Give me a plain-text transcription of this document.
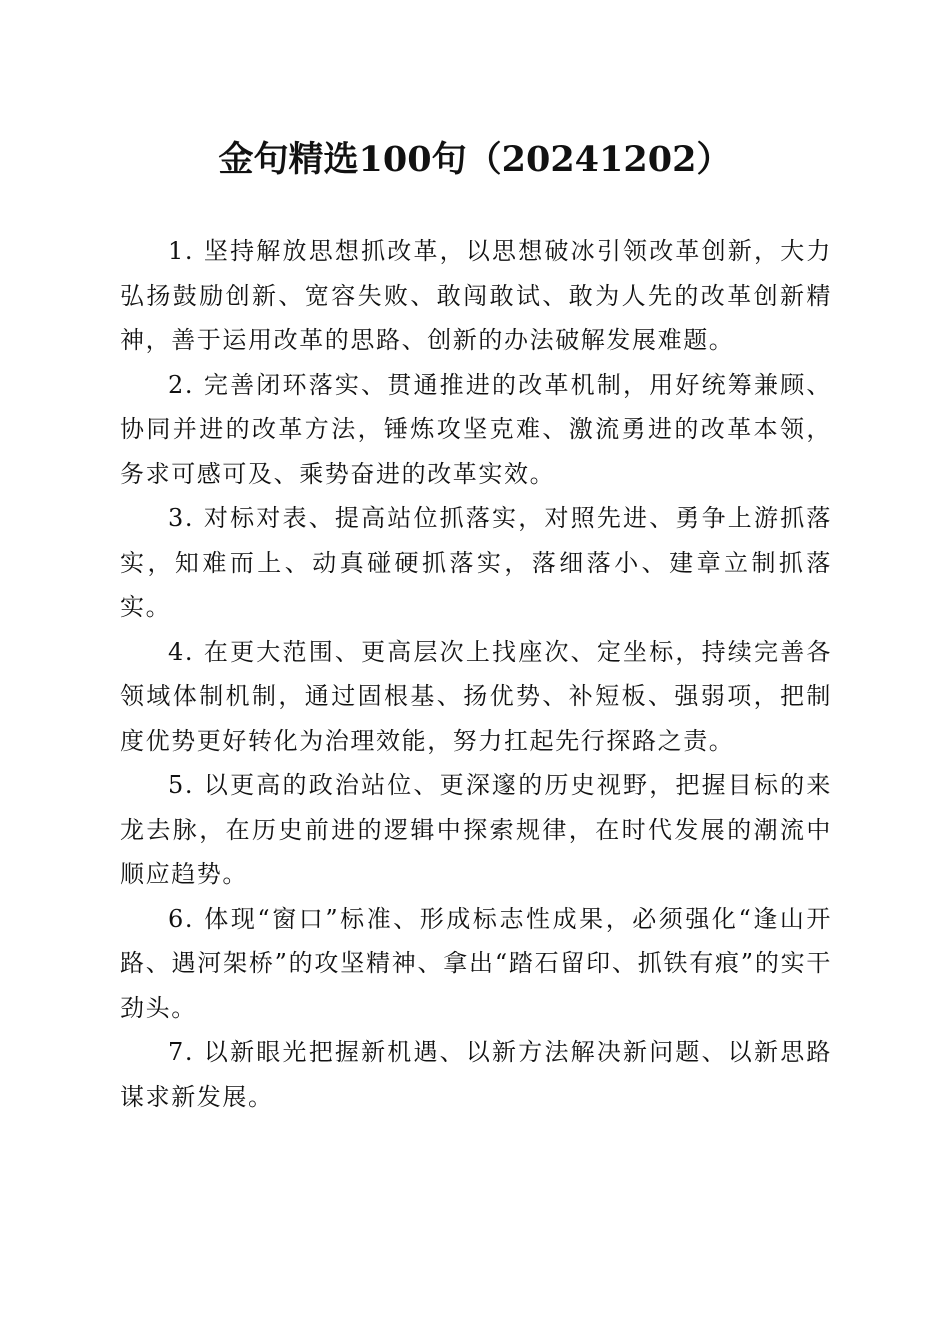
金句精选100句（20241202）

1. 坚持解放思想抓改革，以思想破冰引领改革创新，大力弘扬鼓励创新、宽容失败、敢闯敢试、敢为人先的改革创新精神，善于运用改革的思路、创新的办法破解发展难题。

2. 完善闭环落实、贯通推进的改革机制，用好统筹兼顾、协同并进的改革方法，锤炼攻坚克难、激流勇进的改革本领，务求可感可及、乘势奋进的改革实效。

3. 对标对表、提高站位抓落实，对照先进、勇争上游抓落实，知难而上、动真碰硬抓落实，落细落小、建章立制抓落实。

4. 在更大范围、更高层次上找座次、定坐标，持续完善各领域体制机制，通过固根基、扬优势、补短板、强弱项，把制度优势更好转化为治理效能，努力扛起先行探路之责。

5. 以更高的政治站位、更深邃的历史视野，把握目标的来龙去脉，在历史前进的逻辑中探索规律，在时代发展的潮流中顺应趋势。

6. 体现“窗口”标准、形成标志性成果，必须强化“逢山开路、遇河架桥”的攻坚精神、拿出“踏石留印、抓铁有痕”的实干劲头。

7. 以新眼光把握新机遇、以新方法解决新问题、以新思路谋求新发展。
